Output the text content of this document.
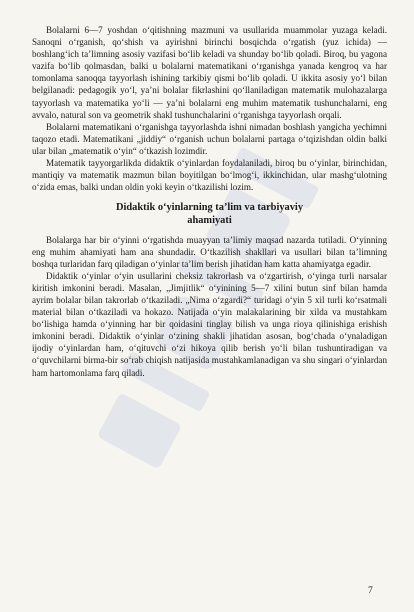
Bolalarni 6—7 yoshdan o‘qitishning mazmuni va usullarida muammolar yuzaga keladi. Sanoqni o‘rganish, qo‘shish va ayirishni birinchi bosqichda o‘rgatish (yuz ichida) — boshlang‘ich ta’limning asosiy vazifasi bo‘lib keladi va shunday bo‘lib qoladi. Biroq, bu yagona vazifa bo‘lib qolmasdan, balki u bolalarni matematikani o‘rganishga yanada kengroq va har tomonlama sanoqqa tayyorlash ishining tarkibiy qismi bo‘lib qoladi. U ikkita asosiy yo‘l bilan belgilanadi: pedagogik yo‘l, ya’ni bolalar fikrlashini qo‘llaniladigan matematik mulohazalarga tayyorlash va matematika yo‘li — ya’ni bolalarni eng muhim matematik tushunchalarni, eng avvalo, natural son va geometrik shakl tushunchalarini o‘rganishga tayyorlash orqali.

Bolalarni matematikani o‘rganishga tayyorlashda ishni nimadan boshlash yangicha yechimni taqozo etadi. Matematikani „jiddiy“ o‘rganish uchun bolalarni partaga o‘tqizishdan oldin balki ular bilan „matematik o‘yin“ o‘tkazish lozimdir.

Matematik tayyorgarlikda didaktik o‘yinlardan foydalaniladi, biroq bu o‘yinlar, birinchidan, mantiqiy va matematik mazmun bilan boyitilgan bo‘lmog‘i, ikkinchidan, ular mashg‘ulotning o‘zida emas, balki undan oldin yoki keyin o‘tkazilishi lozim.

Didaktik o‘yinlarning ta’lim va tarbiyaviy
ahamiyati

Bolalarga har bir o‘yinni o‘rgatishda muayyan ta’limiy maqsad nazarda tutiladi. O‘yinning eng muhim ahamiyati ham ana shundadir. O‘tkazilish shakllari va usullari bilan ta’limning boshqa turlaridan farq qiladigan o‘yinlar ta’lim berish jihatidan ham katta ahamiyatga egadir.

Didaktik o‘yinlar o‘yin usullarini cheksiz takrorlash va o‘zgartirish, o‘yinga turli narsalar kiritish imkonini beradi. Masalan, „Jimjitlik“ o‘yinining 5—7 xilini butun sinf bilan hamda ayrim bolalar bilan takrorlab o‘tkaziladi. „Nima o‘zgardi?“ turidagi o‘yin 5 xil turli ko‘rsatmali material bilan o‘tkaziladi va hokazo. Natijada o‘yin malakalarining bir xilda va mustahkam bo‘lishiga hamda o‘yinning har bir qoidasini tinglay bilish va unga rioya qilinishiga erishish imkonini beradi. Didaktik o‘yinlar o‘zining shakli jihatidan asosan, bog‘chada o‘ynaladigan ijodiy o‘yinlardan ham, o‘qituvchi o‘zi hikoya qilib berish yo‘li bilan tushuntiradigan va o‘quvchilarni birma-bir so‘rab chiqish natijasida mustahkamlanadigan va shu singari o‘yinlardan ham hartomonlama farq qiladi.

7
